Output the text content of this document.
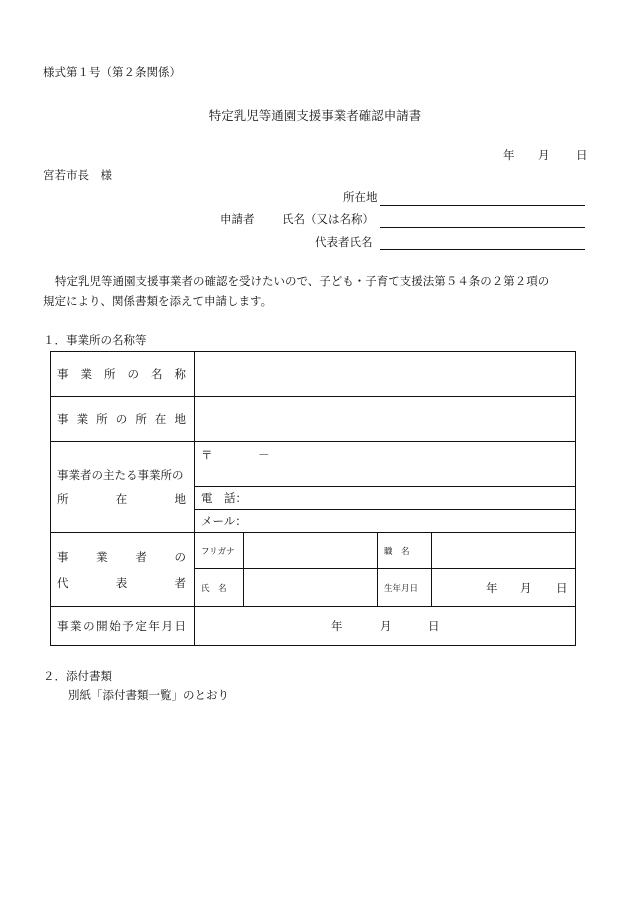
様式第１号（第２条関係）
特定乳児等通園支援事業者確認申請書
年 月 日
宮若市長　様
所在地
申請者 氏名（又は名称）
代表者氏名
特定乳児等通園支援事業者の確認を受けたいので、子ども・子育て支援法第５４条の２第２項の
規定により、関係書類を添えて申請します。
１．事業所の名称等
事業所の名称				

事業所の所在地				

事業者の主たる事業所の
所在地	〒 －			
	電　話：			
	メール：			

事業者の
代表者	フリガナ		職　名	
	氏　名		生年月日	年 月 日

事業の開始予定年月日	年 月 日			
２．添付書類
別紙「添付書類一覧」のとおり
